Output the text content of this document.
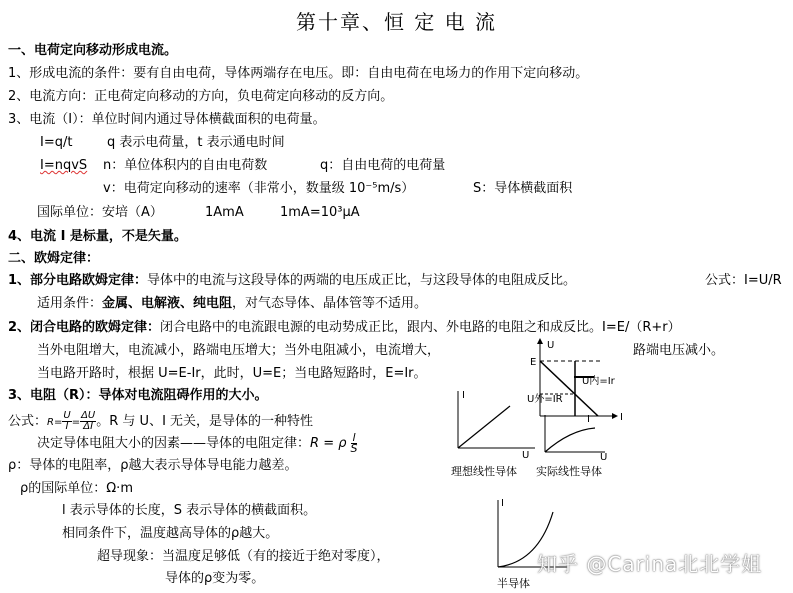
第十章、恒 定 电 流
一、电荷定向移动形成电流。
1、形成电流的条件：要有自由电荷，导体两端存在电压。即：自由电荷在电场力的作用下定向移动。
2、电流方向：正电荷定向移动的方向，负电荷定向移动的反方向。
3、电流（I）：单位时间内通过导体横截面积的电荷量。
I=q/t	q 表示电荷量，t 表示通电时间
I=nqvS n：单位体积内的自由电荷数	q：自由电荷的电荷量
v：电荷定向移动的速率（非常小，数量级 10⁻⁵m/s）	S：导体横截面积
国际单位：安培（A）	1AmA	1mA=10³μA
4、电流 I 是标量，不是矢量。
二、欧姆定律：
1、部分电路欧姆定律：导体中的电流与这段导体的两端的电压成正比，与这段导体的电阻成反比。	公式：I=U/R
适用条件：金属、电解液、纯电阻，对气态导体、晶体管等不适用。
2、闭合电路的欧姆定律：闭合电路中的电流跟电源的电动势成正比，跟内、外电路的电阻之和成反比。I=E/（R+r）
当外电阻增大，电流减小，路端电压增大；当外电阻减小，电流增大，	路端电压减小。
当电路开路时，根据 U=E-Ir，此时，U=E；当电路短路时，E=Ir。
3、电阻（R）：导体对电流阻碍作用的大小。
公式：$R= \frac{U}{I} = \frac{\Delta U}{\Delta I}$ 。R 与 U、I 无关，是导体的一种特性
决定导体电阻大小的因素——导体的电阻定律：R = ρ $\frac{l}{S}$
ρ：导体的电阻率，ρ越大表示导体导电能力越差。
ρ的国际单位：Ω·m
l 表示导体的长度，S 表示导体的横截面积。
相同条件下，温度越高导体的ρ越大。
超导现象：当温度足够低（有的接近于绝对零度），
导体的ρ变为零。
U
E
I
U内=Ir
U外=IR
I
I
U
理想线性导体
U
实际线性导体
I
半导体
知乎 @Carina北北学姐
